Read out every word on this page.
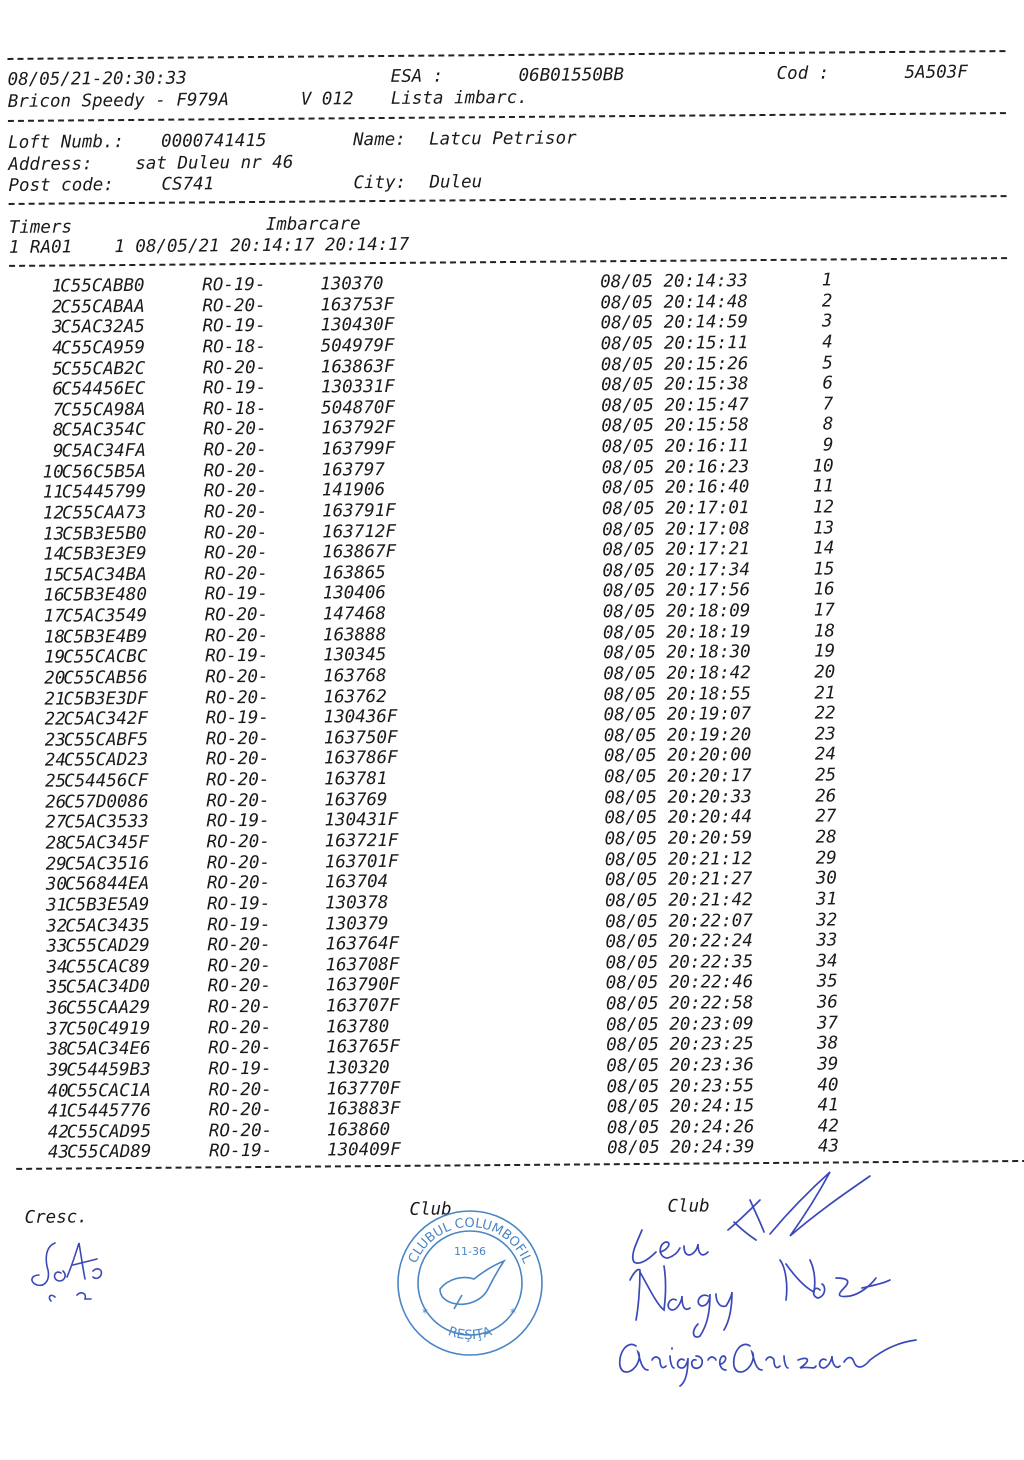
08/05/21-20:30:33	ESA :	06B01550BB	Cod :	5A503F
Bricon Speedy - F979A	V 012 Lista imbarc.
Loft Numb.: 0000741415	Name: Latcu Petrisor
Address: sat Duleu nr 46
Post code:	CS741	City: Duleu
Timers	Imbarcare
1 RA01    1 08/05/21 20:14:17 20:14:17
1
C55CABB0	RO-19-	130370	08/05 20:14:33	1
2
C55CABAA	RO-20-	163753F	08/05 20:14:48	2
3
C5AC32A5	RO-19-	130430F	08/05 20:14:59	3
4
C55CA959	RO-18-	504979F	08/05 20:15:11	4
5
C55CAB2C	RO-20-	163863F	08/05 20:15:26	5
6
C54456EC	RO-19-	130331F	08/05 20:15:38	6
7
C55CA98A	RO-18-	504870F	08/05 20:15:47	7
8
C5AC354C	RO-20-	163792F	08/05 20:15:58	8
9
C5AC34FA	RO-20-	163799F	08/05 20:16:11	9
10
C56C5B5A	RO-20-	163797	08/05 20:16:23	10
11
C5445799	RO-20-	141906	08/05 20:16:40	11
12
C55CAA73	RO-20-	163791F	08/05 20:17:01	12
13
C5B3E5B0	RO-20-	163712F	08/05 20:17:08	13
14
C5B3E3E9	RO-20-	163867F	08/05 20:17:21	14
15
C5AC34BA	RO-20-	163865	08/05 20:17:34	15
16
C5B3E480	RO-19-	130406	08/05 20:17:56	16
17
C5AC3549	RO-20-	147468	08/05 20:18:09	17
18
C5B3E4B9	RO-20-	163888	08/05 20:18:19	18
19
C55CACBC	RO-19-	130345	08/05 20:18:30	19
20
C55CAB56	RO-20-	163768	08/05 20:18:42	20
21
C5B3E3DF	RO-20-	163762	08/05 20:18:55	21
22
C5AC342F	RO-19-	130436F	08/05 20:19:07	22
23
C55CABF5	RO-20-	163750F	08/05 20:19:20	23
24
C55CAD23	RO-20-	163786F	08/05 20:20:00	24
25
C54456CF	RO-20-	163781	08/05 20:20:17	25
26
C57D0086	RO-20-	163769	08/05 20:20:33	26
27
C5AC3533	RO-19-	130431F	08/05 20:20:44	27
28
C5AC345F	RO-20-	163721F	08/05 20:20:59	28
29
C5AC3516	RO-20-	163701F	08/05 20:21:12	29
30
C56844EA	RO-20-	163704	08/05 20:21:27	30
31
C5B3E5A9	RO-19-	130378	08/05 20:21:42	31
32
C5AC3435	RO-19-	130379	08/05 20:22:07	32
33
C55CAD29	RO-20-	163764F	08/05 20:22:24	33
34
C55CAC89	RO-20-	163708F	08/05 20:22:35	34
35
C5AC34D0	RO-20-	163790F	08/05 20:22:46	35
36
C55CAA29	RO-20-	163707F	08/05 20:22:58	36
37
C50C4919	RO-20-	163780	08/05 20:23:09	37
38
C5AC34E6	RO-20-	163765F	08/05 20:23:25	38
39
C54459B3	RO-19-	130320	08/05 20:23:36	39
40
C55CAC1A	RO-20-	163770F	08/05 20:23:55	40
41
C5445776	RO-20-	163883F	08/05 20:24:15	41
42
C55CAD95	RO-20-	163860	08/05 20:24:26	42
43
C55CAD89	RO-19-	130409F	08/05 20:24:39	43
Cresc.	Club	Club
CLUBUL COLUMBOFIL
11-36
REŞIŢA
*	*
